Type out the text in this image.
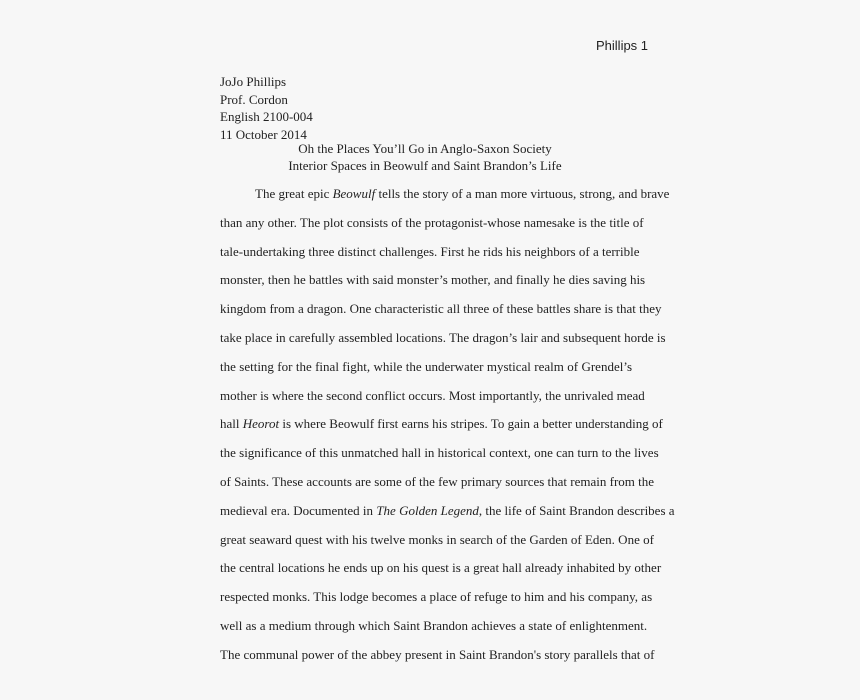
Phillips 1
JoJo Phillips
Prof. Cordon
English 2100-004
11 October 2014
Oh the Places You’ll Go in Anglo-Saxon Society
Interior Spaces in Beowulf and Saint Brandon’s Life
The great epic Beowulf tells the story of a man more virtuous, strong, and brave
than any other. The plot consists of the protagonist-whose namesake is the title of
tale-undertaking three distinct challenges. First he rids his neighbors of a terrible
monster, then he battles with said monster’s mother, and finally he dies saving his
kingdom from a dragon. One characteristic all three of these battles share is that they
take place in carefully assembled locations. The dragon’s lair and subsequent horde is
the setting for the final fight, while the underwater mystical realm of Grendel’s
mother is where the second conflict occurs. Most importantly, the unrivaled mead
hall Heorot is where Beowulf first earns his stripes. To gain a better understanding of
the significance of this unmatched hall in historical context, one can turn to the lives
of Saints. These accounts are some of the few primary sources that remain from the
medieval era. Documented in The Golden Legend, the life of Saint Brandon describes a
great seaward quest with his twelve monks in search of the Garden of Eden. One of
the central locations he ends up on his quest is a great hall already inhabited by other
respected monks. This lodge becomes a place of refuge to him and his company, as
well as a medium through which Saint Brandon achieves a state of enlightenment.
The communal power of the abbey present in Saint Brandon's story parallels that of
